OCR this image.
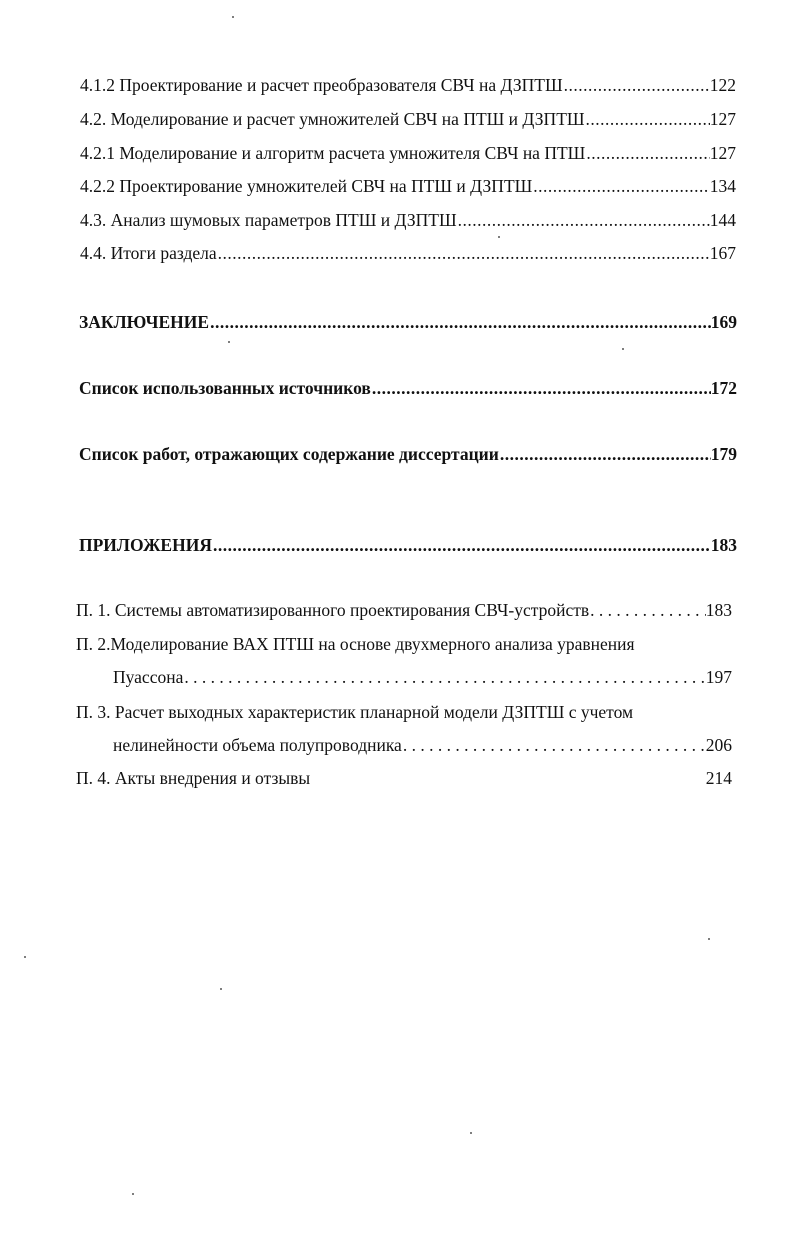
4.1.2 Проектирование и расчет преобразователя СВЧ на ДЗПТШ .....	122
4.2. Моделирование и расчет умножителей СВЧ на ПТШ и ДЗПТШ .....	127
4.2.1 Моделирование и алгоритм расчета умножителя СВЧ на ПТШ .....	127
4.2.2 Проектирование умножителей СВЧ на ПТШ и ДЗПТШ .....	134
4.3. Анализ шумовых параметров ПТШ и ДЗПТШ .....	144
4.4. Итоги раздела .....	167
ЗАКЛЮЧЕНИЕ .....	169
Список использованных источников .....	172
Список работ, отражающих содержание диссертации .....	179
ПРИЛОЖЕНИЯ .....	183
П. 1. Системы автоматизированного проектирования СВЧ-устройств . . .	183
П. 2.Моделирование ВАХ ПТШ на основе двухмерного анализа уравнения
Пуассона . . .	197
П. 3. Расчет выходных характеристик планарной модели ДЗПТШ с учетом
нелинейности объема полупроводника . . .	206
П. 4. Акты внедрения и отзывы	214
